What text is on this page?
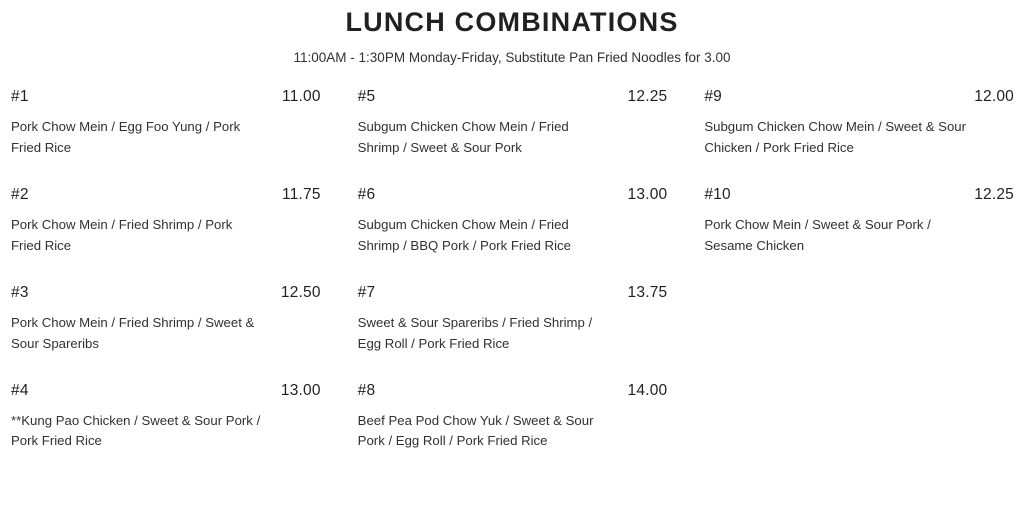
LUNCH COMBINATIONS
11:00AM - 1:30PM Monday-Friday, Substitute Pan Fried Noodles for 3.00
#1	11.00
Pork Chow Mein / Egg Foo Yung / Pork Fried Rice
#2	11.75
Pork Chow Mein / Fried Shrimp / Pork Fried Rice
#3	12.50
Pork Chow Mein / Fried Shrimp / Sweet & Sour Spareribs
#4	13.00
**Kung Pao Chicken / Sweet & Sour Pork / Pork Fried Rice
#5	12.25
Subgum Chicken Chow Mein / Fried Shrimp / Sweet & Sour Pork
#6	13.00
Subgum Chicken Chow Mein / Fried Shrimp / BBQ Pork / Pork Fried Rice
#7	13.75
Sweet & Sour Spareribs / Fried Shrimp / Egg Roll / Pork Fried Rice
#8	14.00
Beef Pea Pod Chow Yuk / Sweet & Sour Pork / Egg Roll / Pork Fried Rice
#9	12.00
Subgum Chicken Chow Mein / Sweet & Sour Chicken / Pork Fried Rice
#10	12.25
Pork Chow Mein / Sweet & Sour Pork / Sesame Chicken
